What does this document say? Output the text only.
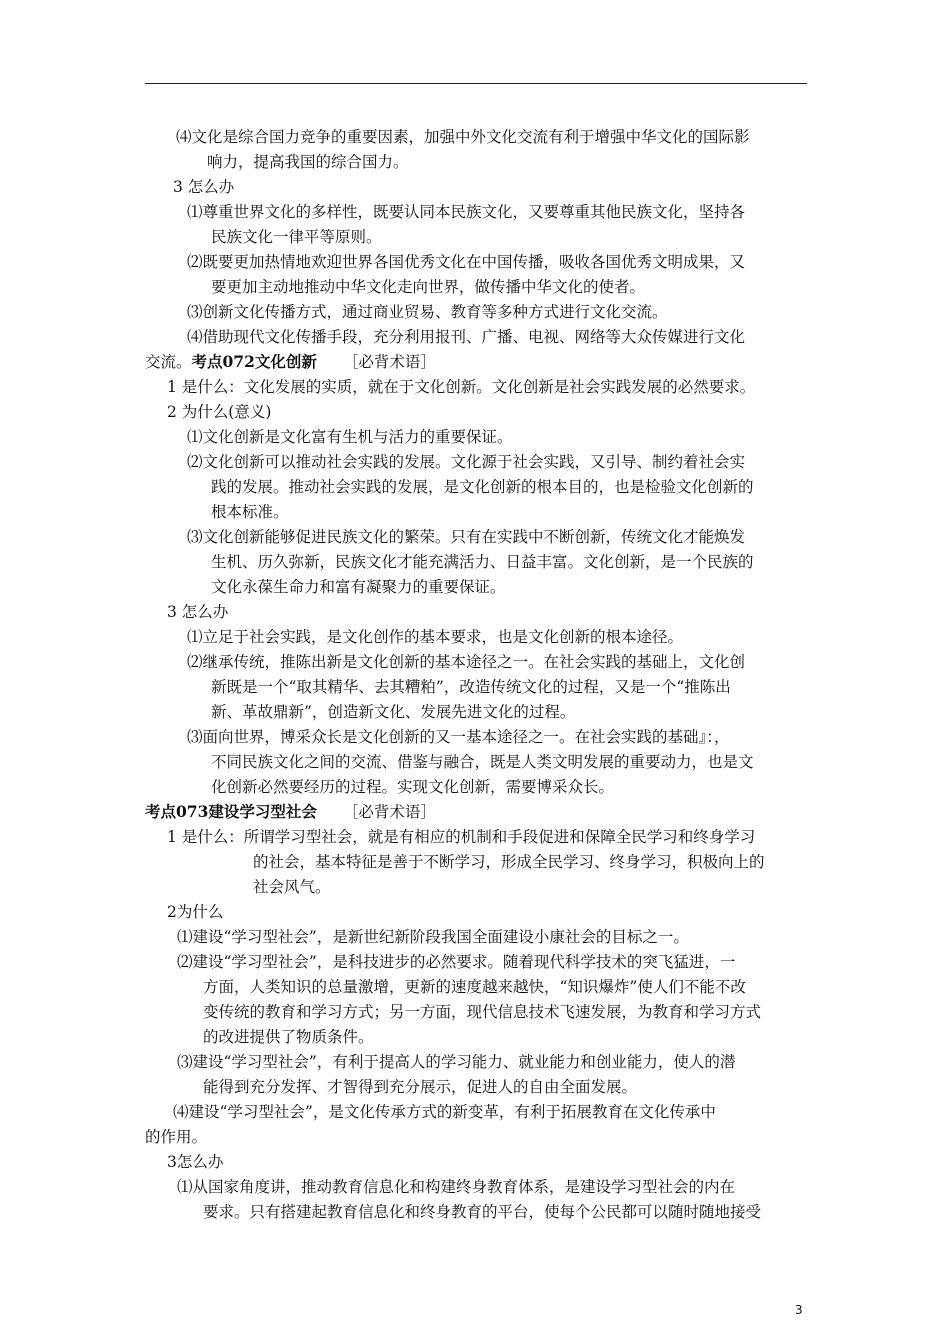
⑷文化是综合国力竞争的重要因素，加强中外文化交流有利于增强中华文化的国际影
响力，提高我国的综合国力。
3 怎么办
⑴尊重世界文化的多样性，既要认同本民族文化，又要尊重其他民族文化，坚持各
民族文化一律平等原则。
⑵既要更加热情地欢迎世界各国优秀文化在中国传播，吸收各国优秀文明成果，又
要更加主动地推动中华文化走向世界，做传播中华文化的使者。
⑶创新文化传播方式，通过商业贸易、教育等多种方式进行文化交流。
⑷借助现代文化传播手段，充分利用报刊、广播、电视、网络等大众传媒进行文化
交流。考点072文化创新 ［必背术语］
1 是什么：文化发展的实质，就在于文化创新。文化创新是社会实践发展的必然要求。
2 为什么(意义)
⑴文化创新是文化富有生机与活力的重要保证。
⑵文化创新可以推动社会实践的发展。文化源于社会实践，又引导、制约着社会实
践的发展。推动社会实践的发展，是文化创新的根本目的，也是检验文化创新的
根本标准。
⑶文化创新能够促进民族文化的繁荣。只有在实践中不断创新，传统文化才能焕发
生机、历久弥新，民族文化才能充满活力、日益丰富。文化创新，是一个民族的
文化永葆生命力和富有凝聚力的重要保证。
3 怎么办
⑴立足于社会实践，是文化创作的基本要求，也是文化创新的根本途径。
⑵继承传统，推陈出新是文化创新的基本途径之一。在社会实践的基础上，文化创
新既是一个“取其精华、去其糟粕”，改造传统文化的过程，又是一个“推陈出
新、革故鼎新”，创造新文化、发展先进文化的过程。
⑶面向世界，博采众长是文化创新的又一基本途径之一。在社会实践的基础』：，
不同民族文化之间的交流、借鉴与融合，既是人类文明发展的重要动力，也是文
化创新必然要经历的过程。实现文化创新，需要博采众长。
考点073建设学习型社会 ［必背术语］
1 是什么：所谓学习型社会，就是有相应的机制和手段促进和保障全民学习和终身学习
的社会，基本特征是善于不断学习，形成全民学习、终身学习，积极向上的
社会风气。
2为什么
⑴建设“学习型社会”，是新世纪新阶段我国全面建设小康社会的目标之一。
⑵建设“学习型社会”，是科技进步的必然要求。随着现代科学技术的突飞猛进，一
方面，人类知识的总量激增，更新的速度越来越快，“知识爆炸”使人们不能不改
变传统的教育和学习方式；另一方面，现代信息技术飞速发展，为教育和学习方式
的改进提供了物质条件。
⑶建设“学习型社会”，有利于提高人的学习能力、就业能力和创业能力，使人的潜
能得到充分发挥、才智得到充分展示，促进人的自由全面发展。
⑷建设“学习型社会”，是文化传承方式的新变革，有利于拓展教育在文化传承中
的作用。
3怎么办
⑴从国家角度讲，推动教育信息化和构建终身教育体系，是建设学习型社会的内在
要求。只有搭建起教育信息化和终身教育的平台，使每个公民都可以随时随地接受
3
